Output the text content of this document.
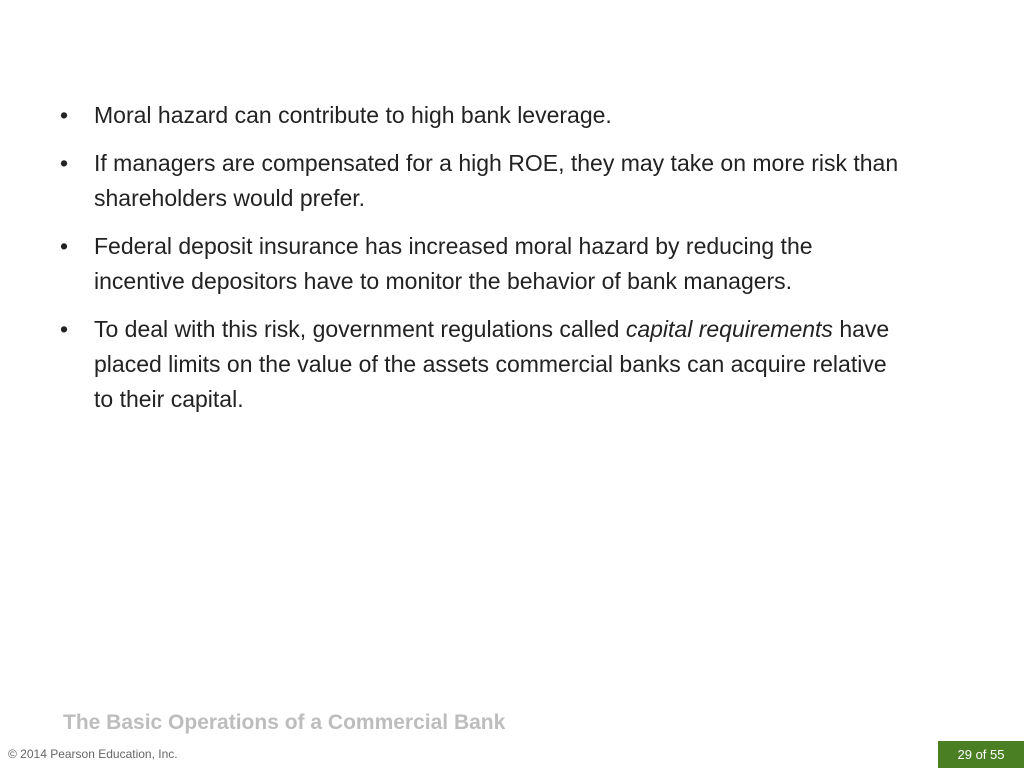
• Moral hazard can contribute to high bank leverage.
• If managers are compensated for a high ROE, they may take on more risk than shareholders would prefer.
• Federal deposit insurance has increased moral hazard by reducing the incentive depositors have to monitor the behavior of bank managers.
• To deal with this risk, government regulations called capital requirements have placed limits on the value of the assets commercial banks can acquire relative to their capital.
The Basic Operations of a Commercial Bank
© 2014 Pearson Education, Inc.	29 of 55
